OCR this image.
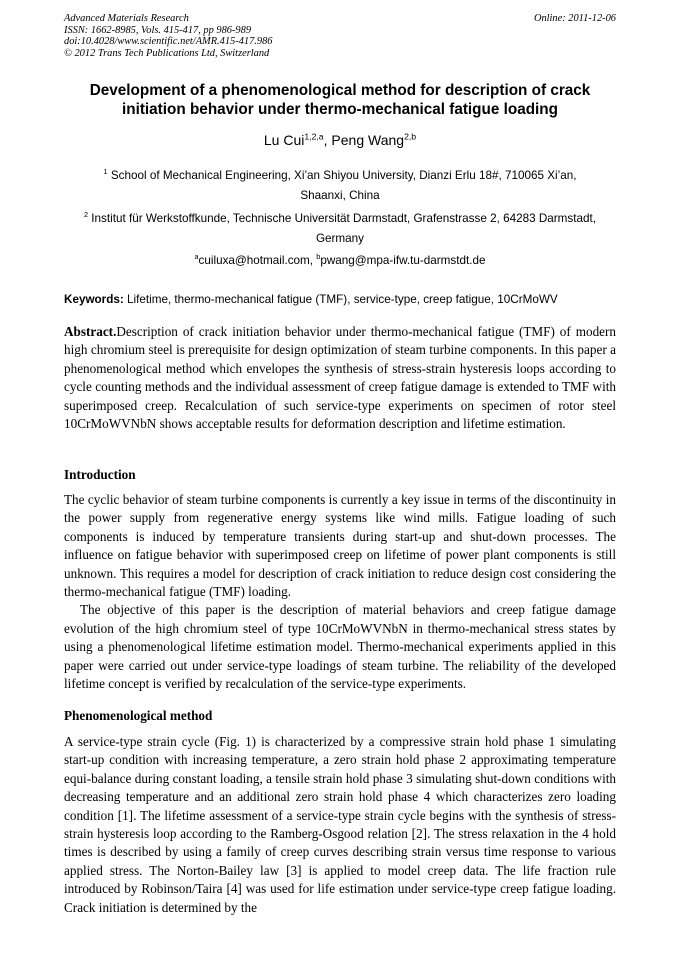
Advanced Materials Research
ISSN: 1662-8985, Vols. 415-417, pp 986-989
doi:10.4028/www.scientific.net/AMR.415-417.986
© 2012 Trans Tech Publications Ltd, Switzerland
Online: 2011-12-06
Development of a phenomenological method for description of crack
initiation behavior under thermo-mechanical fatigue loading
Lu Cui$^{1,2,a}$, Peng Wang$^{2,b}$
$^1$ School of Mechanical Engineering, Xi’an Shiyou University, Dianzi Erlu 18#, 710065 Xi’an,
Shaanxi, China
$^2$ Institut für Werkstoffkunde, Technische Universität Darmstadt, Grafenstrasse 2, 64283 Darmstadt,
Germany
$^a$cuiluxa@hotmail.com, $^b$pwang@mpa-ifw.tu-darmstdt.de
Keywords: Lifetime, thermo-mechanical fatigue (TMF), service-type, creep fatigue, 10CrMoWV
Abstract.Description of crack initiation behavior under thermo-mechanical fatigue (TMF) of modern high chromium steel is prerequisite for design optimization of steam turbine components. In this paper a phenomenological method which envelopes the synthesis of stress-strain hysteresis loops according to cycle counting methods and the individual assessment of creep fatigue damage is extended to TMF with superimposed creep. Recalculation of such service-type experiments on specimen of rotor steel 10CrMoWVNbN shows acceptable results for deformation description and lifetime estimation.
Introduction

The cyclic behavior of steam turbine components is currently a key issue in terms of the discontinuity in the power supply from regenerative energy systems like wind mills. Fatigue loading of such components is induced by temperature transients during start-up and shut-down processes. The influence on fatigue behavior with superimposed creep on lifetime of power plant components is still unknown. This requires a model for description of crack initiation to reduce design cost considering the thermo-mechanical fatigue (TMF) loading.

The objective of this paper is the description of material behaviors and creep fatigue damage evolution of the high chromium steel of type 10CrMoWVNbN in thermo-mechanical stress states by using a phenomenological lifetime estimation model. Thermo-mechanical experiments applied in this paper were carried out under service-type loadings of steam turbine. The reliability of the developed lifetime concept is verified by recalculation of the service-type experiments.

Phenomenological method

A service-type strain cycle (Fig. 1) is characterized by a compressive strain hold phase 1 simulating start-up condition with increasing temperature, a zero strain hold phase 2 approximating temperature equi-balance during constant loading, a tensile strain hold phase 3 simulating shut-down conditions with decreasing temperature and an additional zero strain hold phase 4 which characterizes zero loading condition [1]. The lifetime assessment of a service-type strain cycle begins with the synthesis of stress-strain hysteresis loop according to the Ramberg-Osgood relation [2]. The stress relaxation in the 4 hold times is described by using a family of creep curves describing strain versus time response to various applied stress. The Norton-Bailey law [3] is applied to model creep data. The life fraction rule introduced by Robinson/Taira [4] was used for life estimation under service-type creep fatigue loading. Crack initiation is determined by the
